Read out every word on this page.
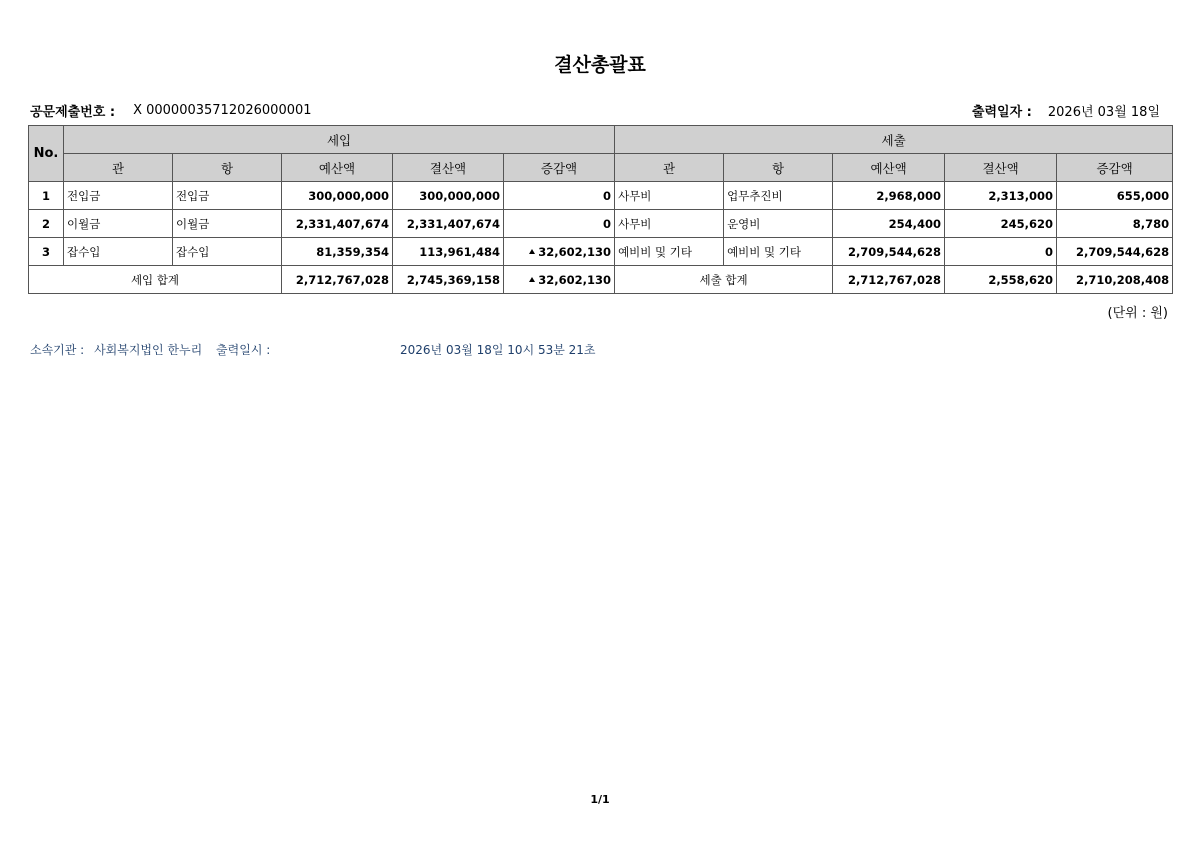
결산총괄표
공문제출번호 : X 00000035712026000001	출력일자 : 2026년 03월 18일
No.	세입					세출				
	관	항	예산액	결산액	증감액	관	항	예산액	결산액	증감액
1	전입금	전입금	300,000,000	300,000,000	0	사무비	업무추진비	2,968,000	2,313,000	655,000
2	이월금	이월금	2,331,407,674	2,331,407,674	0	사무비	운영비	254,400	245,620	8,780
3	잡수입	잡수입	81,359,354	113,961,484	32,602,130	예비비 및 기타	예비비 및 기타	2,709,544,628	0	2,709,544,628
세입 합계			2,712,767,028	2,745,369,158	32,602,130	세출 합계		2,712,767,028	2,558,620	2,710,208,408
(단위 : 원)
소속기관 : 사회복지법인 한누리 출력일시 :	2026년 03월 18일 10시 53분 21초
1/1
